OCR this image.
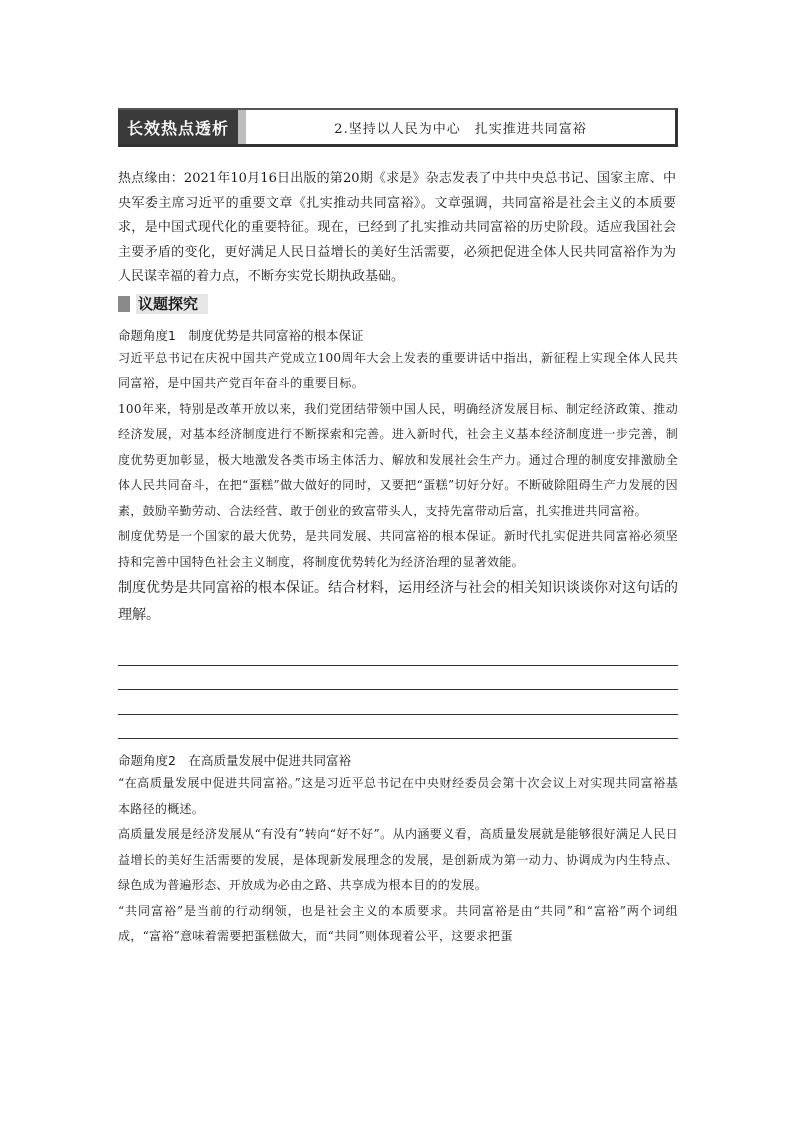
长效热点透析	2.坚持以人民为中心　扎实推进共同富裕
热点缘由：2021年10月16日出版的第20期《求是》杂志发表了中共中央总书记、国家主席、中央军委主席习近平的重要文章《扎实推动共同富裕》。文章强调，共同富裕是社会主义的本质要求，是中国式现代化的重要特征。现在，已经到了扎实推动共同富裕的历史阶段。适应我国社会主要矛盾的变化，更好满足人民日益增长的美好生活需要，必须把促进全体人民共同富裕作为为人民谋幸福的着力点，不断夯实党长期执政基础。
议题探究
命题角度1　制度优势是共同富裕的根本保证
习近平总书记在庆祝中国共产党成立100周年大会上发表的重要讲话中指出，新征程上实现全体人民共同富裕，是中国共产党百年奋斗的重要目标。
100年来，特别是改革开放以来，我们党团结带领中国人民，明确经济发展目标、制定经济政策、推动经济发展，对基本经济制度进行不断探索和完善。进入新时代，社会主义基本经济制度进一步完善，制度优势更加彰显，极大地激发各类市场主体活力、解放和发展社会生产力。通过合理的制度安排激励全体人民共同奋斗，在把“蛋糕”做大做好的同时，又要把“蛋糕”切好分好。不断破除阻碍生产力发展的因素，鼓励辛勤劳动、合法经营、敢于创业的致富带头人，支持先富带动后富，扎实推进共同富裕。
制度优势是一个国家的最大优势，是共同发展、共同富裕的根本保证。新时代扎实促进共同富裕必须坚持和完善中国特色社会主义制度，将制度优势转化为经济治理的显著效能。
制度优势是共同富裕的根本保证。结合材料，运用经济与社会的相关知识谈谈你对这句话的理解。
命题角度2　在高质量发展中促进共同富裕
“在高质量发展中促进共同富裕。”这是习近平总书记在中央财经委员会第十次会议上对实现共同富裕基本路径的概述。
高质量发展是经济发展从“有没有”转向“好不好”。从内涵要义看，高质量发展就是能够很好满足人民日益增长的美好生活需要的发展，是体现新发展理念的发展，是创新成为第一动力、协调成为内生特点、绿色成为普遍形态、开放成为必由之路、共享成为根本目的的发展。
“共同富裕”是当前的行动纲领，也是社会主义的本质要求。共同富裕是由“共同”和“富裕”两个词组成，“富裕”意味着需要把蛋糕做大，而“共同”则体现着公平，这要求把蛋
